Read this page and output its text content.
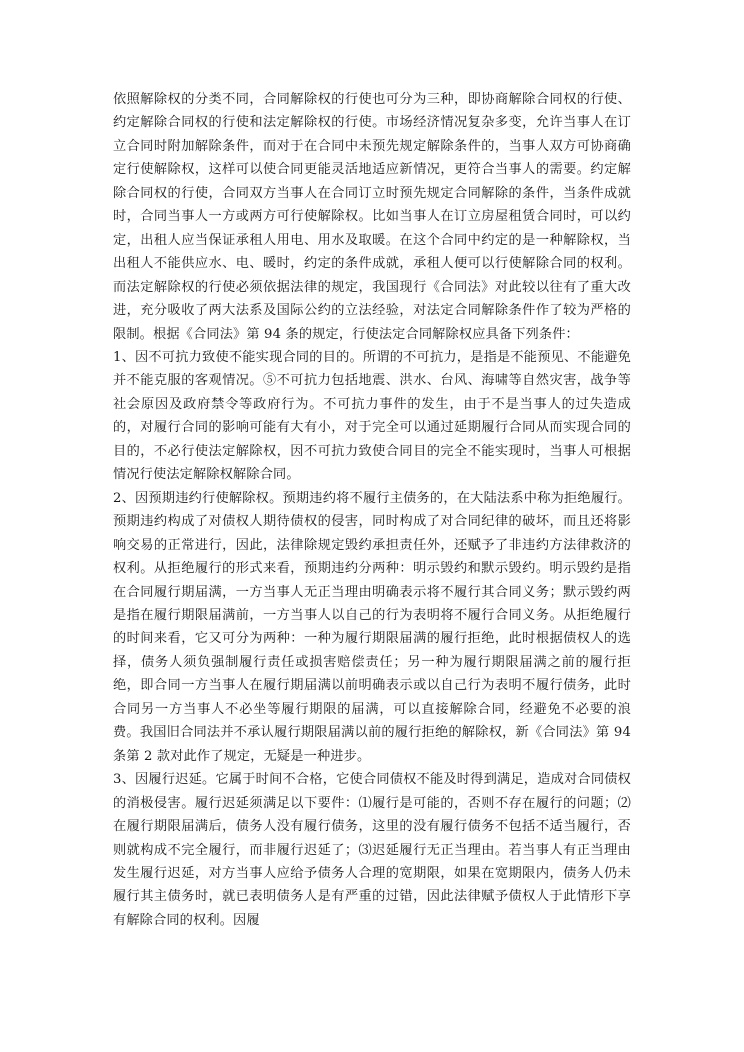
依照解除权的分类不同，合同解除权的行使也可分为三种，即协商解除合同权的行使、约定解除合同权的行使和法定解除权的行使。市场经济情况复杂多变，允许当事人在订立合同时附加解除条件，而对于在合同中未预先规定解除条件的，当事人双方可协商确定行使解除权，这样可以使合同更能灵活地适应新情况，更符合当事人的需要。约定解除合同权的行使，合同双方当事人在合同订立时预先规定合同解除的条件，当条件成就时，合同当事人一方或两方可行使解除权。比如当事人在订立房屋租赁合同时，可以约定，出租人应当保证承租人用电、用水及取暖。在这个合同中约定的是一种解除权，当出租人不能供应水、电、暖时，约定的条件成就，承租人便可以行使解除合同的权利。而法定解除权的行使必须依据法律的规定，我国现行《合同法》对此较以往有了重大改进，充分吸收了两大法系及国际公约的立法经验，对法定合同解除条件作了较为严格的限制。根据《合同法》第 94 条的规定，行使法定合同解除权应具备下列条件：

1、因不可抗力致使不能实现合同的目的。所谓的不可抗力，是指是不能预见、不能避免并不能克服的客观情况。⑤不可抗力包括地震、洪水、台风、海啸等自然灾害，战争等社会原因及政府禁令等政府行为。不可抗力事件的发生，由于不是当事人的过失造成的，对履行合同的影响可能有大有小，对于完全可以通过延期履行合同从而实现合同的目的，不必行使法定解除权，因不可抗力致使合同目的完全不能实现时，当事人可根据情况行使法定解除权解除合同。

2、因预期违约行使解除权。预期违约将不履行主债务的，在大陆法系中称为拒绝履行。预期违约构成了对债权人期待债权的侵害，同时构成了对合同纪律的破坏，而且还将影响交易的正常进行，因此，法律除规定毁约承担责任外，还赋予了非违约方法律救济的权利。从拒绝履行的形式来看，预期违约分两种：明示毁约和默示毁约。明示毁约是指在合同履行期届满，一方当事人无正当理由明确表示将不履行其合同义务；默示毁约两是指在履行期限届满前，一方当事人以自己的行为表明将不履行合同义务。从拒绝履行的时间来看，它又可分为两种：一种为履行期限届满的履行拒绝，此时根据债权人的选择，债务人须负强制履行责任或损害赔偿责任；另一种为履行期限届满之前的履行拒绝，即合同一方当事人在履行期届满以前明确表示或以自己行为表明不履行债务，此时合同另一方当事人不必坐等履行期限的届满，可以直接解除合同，经避免不必要的浪费。我国旧合同法并不承认履行期限届满以前的履行拒绝的解除权，新《合同法》第 94 条第 2 款对此作了规定，无疑是一种进步。

3、因履行迟延。它属于时间不合格，它使合同债权不能及时得到满足，造成对合同债权的消极侵害。履行迟延须满足以下要件：⑴履行是可能的，否则不存在履行的问题；⑵在履行期限届满后，债务人没有履行债务，这里的没有履行债务不包括不适当履行，否则就构成不完全履行，而非履行迟延了；⑶迟延履行无正当理由。若当事人有正当理由发生履行迟延，对方当事人应给予债务人合理的宽期限，如果在宽期限内，债务人仍未履行其主债务时，就已表明债务人是有严重的过错，因此法律赋予债权人于此情形下享有解除合同的权利。因履
